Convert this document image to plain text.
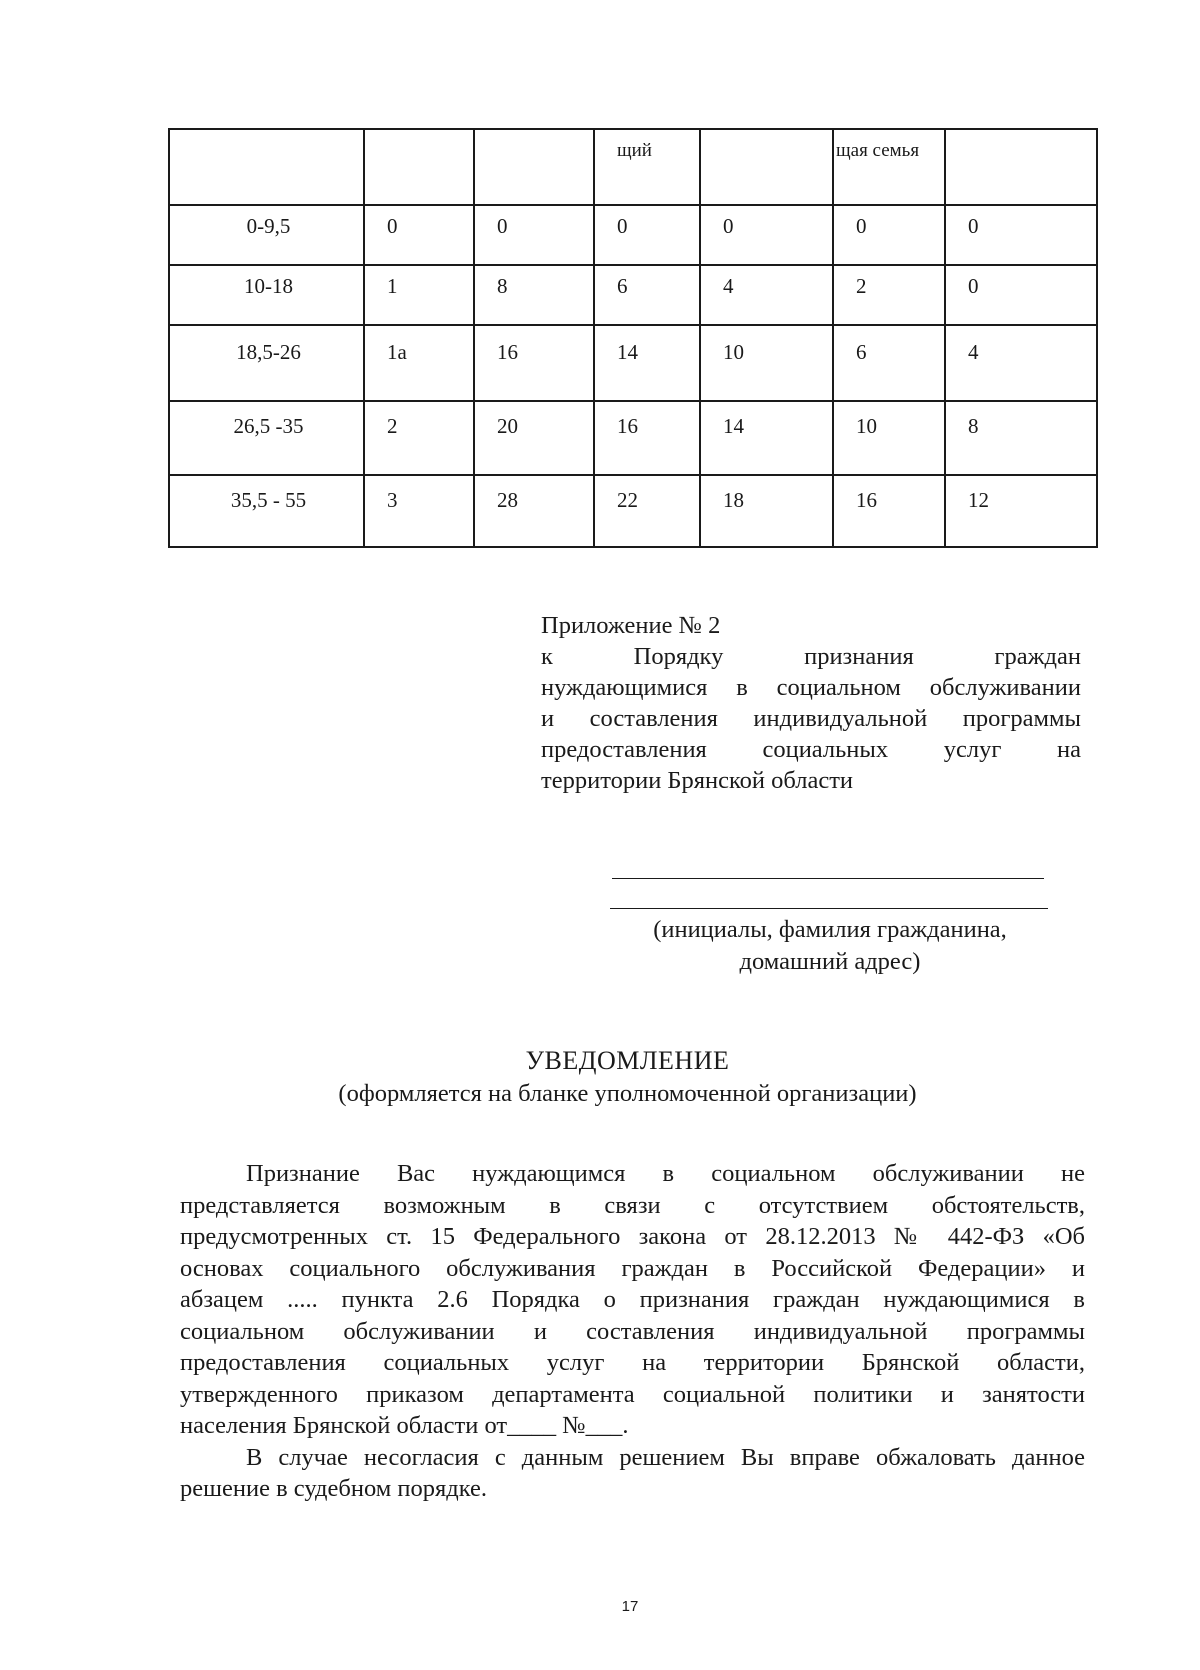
			щий		щая семья	
0-9,5	0	0	0	0	0	0
10-18	1	8	6	4	2	0
18,5-26	1а	16	14	10	6	4
26,5 -35	2	20	16	14	10	8
35,5 - 55	3	28	22	18	16	12
Приложение № 2
к Порядку признания граждан
нуждающимися в социальном обслуживании
и составления индивидуальной программы
предоставления социальных услуг на
территории Брянской области
(инициалы, фамилия гражданина,
домашний адрес)
УВЕДОМЛЕНИЕ
(оформляется на бланке уполномоченной организации)
Признание Вас нуждающимся в социальном обслуживании не
представляется возможным в связи с отсутствием обстоятельств,
предусмотренных ст. 15 Федерального закона от 28.12.2013 № 442-ФЗ «Об
основах социального обслуживания граждан в Российской Федерации» и
абзацем ..... пункта 2.6 Порядка о признания граждан нуждающимися в
социальном обслуживании и составления индивидуальной программы
предоставления социальных услуг на территории Брянской области,
утвержденного приказом департамента социальной политики и занятости
населения Брянской области от____ №___.
В случае несогласия с данным решением Вы вправе обжаловать данное
решение в судебном порядке.
17
